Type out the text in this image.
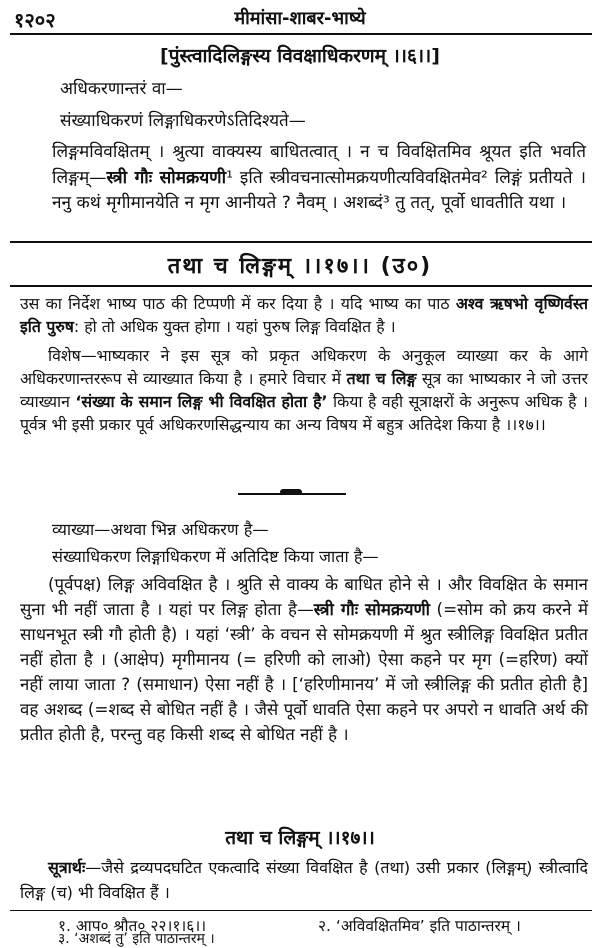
१२०२	मीमांसा-शाबर-भाष्ये
[पुंस्त्वादिलिङ्गस्य विवक्षाधिकरणम् ।।६।।]
अधिकरणान्तरं वा—
संख्याधिकरणं लिङ्गाधिकरणेऽतिदिश्यते—
लिङ्गमविवक्षितम् । श्रुत्या वाक्यस्य बाधितत्वात् । न च विवक्षितमिव श्रूयत इति भवति लिङ्गम्—स्त्री गौः सोमक्रयणी¹ इति स्त्रीवचनात्सोमक्रयणीत्यविवक्षितमेव² लिङ्गं प्रतीयते । ननु कथं मृगीमानयेति न मृग आनीयते ? नैवम् । अशब्दं³ तु तत्, पूर्वो धावतीति यथा ।
तथा च लिङ्गम् ।।१७।। (उ०)
उस का निर्देश भाष्य पाठ की टिप्पणी में कर दिया है । यदि भाष्य का पाठ अश्व ऋषभो वृष्णिर्वस्त इति पुरुष: हो तो अधिक युक्त होगा । यहां पुरुष लिङ्ग विवक्षित है ।
विशेष—भाष्यकार ने इस सूत्र को प्रकृत अधिकरण के अनुकूल व्याख्या कर के आगे अधिकरणान्तररूप से व्याख्यात किया है । हमारे विचार में तथा च लिङ्ग सूत्र का भाष्यकार ने जो उत्तर व्याख्यान ‘संख्या के समान लिङ्ग भी विवक्षित होता है’ किया है वही सूत्राक्षरों के अनुरूप अधिक है । पूर्वत्र भी इसी प्रकार पूर्व अधिकरणसिद्धन्याय का अन्य विषय में बहुत्र अतिदेश किया है ।।१७।।
व्याख्या—अथवा भिन्न अधिकरण है—
संख्याधिकरण लिङ्गाधिकरण में अतिदिष्ट किया जाता है—
(पूर्वपक्ष) लिङ्ग अविवक्षित है । श्रुति से वाक्य के बाधित होने से । और विवक्षित के समान सुना भी नहीं जाता है । यहां पर लिङ्ग होता है—स्त्री गौः सोमक्रयणी (=सोम को क्रय करने में साधनभूत स्त्री गौ होती है) । यहां ‘स्त्री’ के वचन से सोमक्रयणी में श्रुत स्त्रीलिङ्ग विवक्षित प्रतीत नहीं होता है । (आक्षेप) मृगीमानय (= हरिणी को लाओ) ऐसा कहने पर मृग (=हरिण) क्यों नहीं लाया जाता ? (समाधान) ऐसा नहीं है । [‘हरिणीमानय’ में जो स्त्रीलिङ्ग की प्रतीत होती है] वह अशब्द (=शब्द से बोधित नहीं है । जैसे पूर्वो धावति ऐसा कहने पर अपरो न धावति अर्थ की प्रतीत होती है, परन्तु वह किसी शब्द से बोधित नहीं है ।
तथा च लिङ्गम् ।।१७।।
सूत्रार्थः—जैसे द्रव्यपदघटित एकत्वादि संख्या विवक्षित है (तथा) उसी प्रकार (लिङ्गम्) स्त्रीत्वादि लिङ्ग (च) भी विवक्षित हैं ।
१. आप० श्रौत० २२।१।६।।	२. ‘अविवक्षितमिव’ इति पाठान्तरम् ।
३. ‘अशब्दं तु’ इति पाठान्तरम् ।
